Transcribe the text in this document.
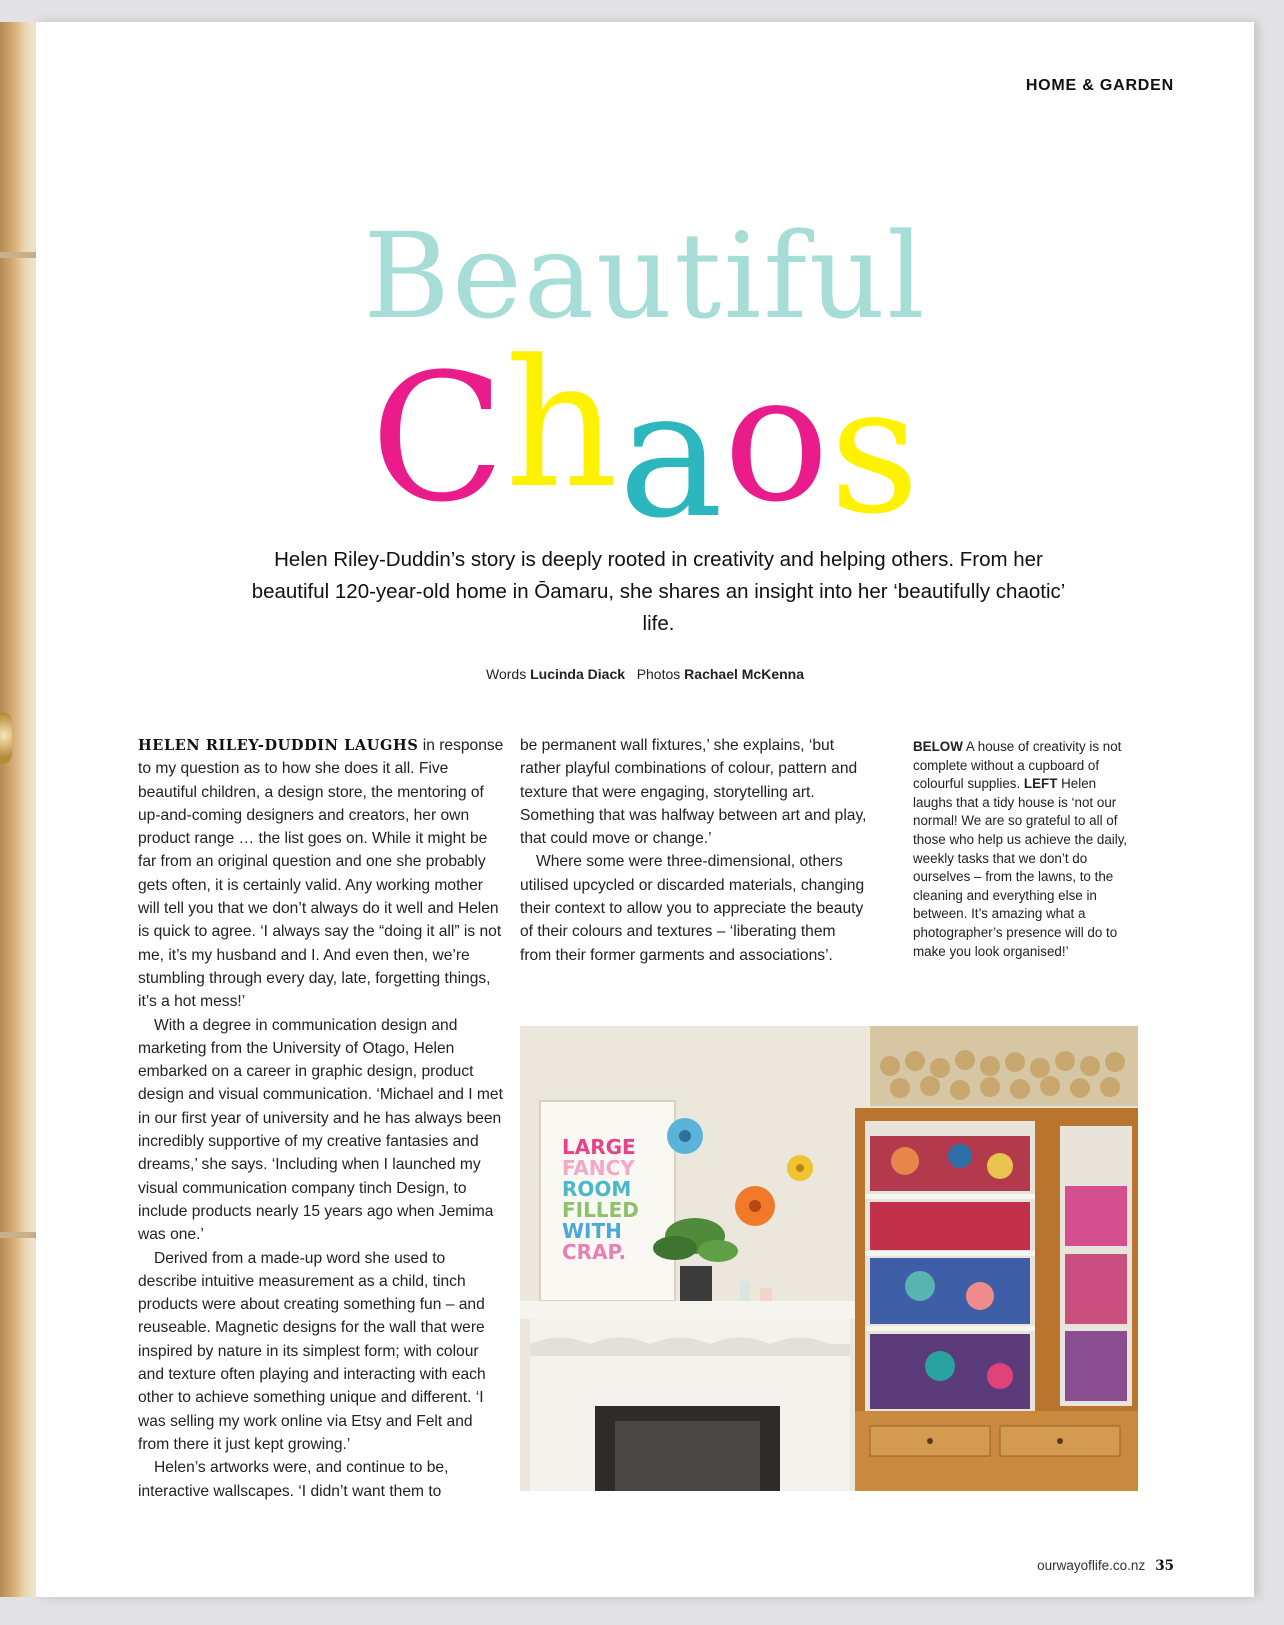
HOME & GARDEN
Beautiful
Chaos
Helen Riley-Duddin’s story is deeply rooted in creativity and helping others. From her beautiful 120-year-old home in Ōamaru, she shares an insight into her ‘beautifully chaotic’ life.
Words Lucinda Diack Photos Rachael McKenna

HELEN RILEY-DUDDIN LAUGHS in response to my question as to how she does it all. Five beautiful children, a design store, the mentoring of up-and-coming designers and creators, her own product range … the list goes on. While it might be far from an original question and one she probably gets often, it is certainly valid. Any working mother will tell you that we don’t always do it well and Helen is quick to agree. ‘I always say the “doing it all” is not me, it’s my husband and I. And even then, we’re stumbling through every day, late, forgetting things, it’s a hot mess!’

With a degree in communication design and marketing from the University of Otago, Helen embarked on a career in graphic design, product design and visual communication. ‘Michael and I met in our first year of university and he has always been incredibly supportive of my creative fantasies and dreams,’ she says. ‘Including when I launched my visual communication company tinch Design, to include products nearly 15 years ago when Jemima was one.’

Derived from a made-up word she used to describe intuitive measurement as a child, tinch products were about creating something fun – and reuseable. Magnetic designs for the wall that were inspired by nature in its simplest form; with colour and texture often playing and interacting with each other to achieve something unique and different. ‘I was selling my work online via Etsy and Felt and from there it just kept growing.’

Helen’s artworks were, and continue to be, interactive wallscapes. ‘I didn’t want them to

be permanent wall fixtures,’ she explains, ‘but rather playful combinations of colour, pattern and texture that were engaging, storytelling art. Something that was halfway between art and play, that could move or change.’

Where some were three-dimensional, others utilised upcycled or discarded materials, changing their context to allow you to appreciate the beauty of their colours and textures – ‘liberating them from their former garments and associations’.

BELOW A house of creativity is not complete without a cupboard of colourful supplies. LEFT Helen laughs that a tidy house is ‘not our normal! We are so grateful to all of those who help us achieve the daily, weekly tasks that we don’t do ourselves – from the lawns, to the cleaning and everything else in between. It’s amazing what a photographer’s presence will do to make you look organised!’
LARGE
FANCY
ROOM
FILLED
WITH
CRAP.
ourwayoflife.co.nz 35
